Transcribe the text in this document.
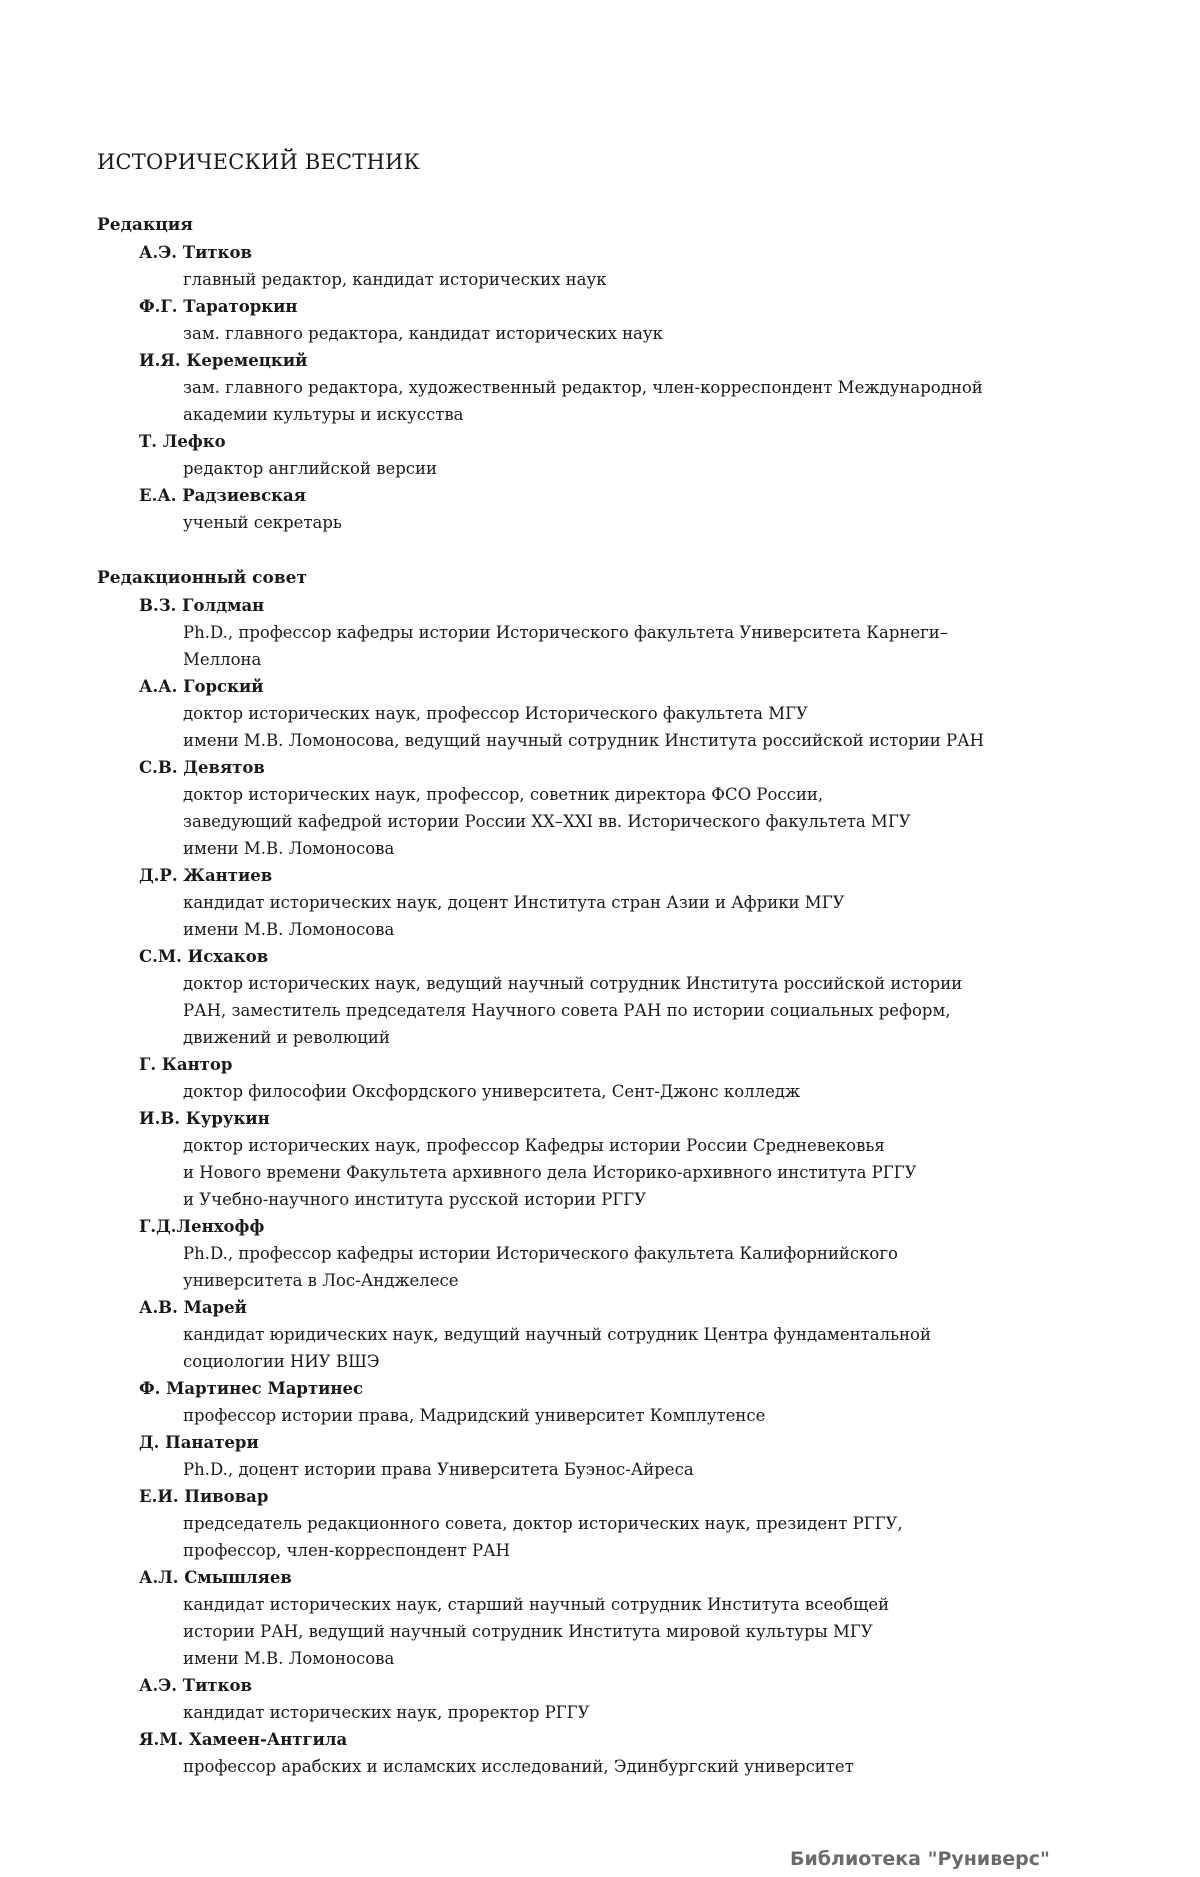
ИСТОРИЧЕСКИЙ ВЕСТНИК
Редакция
А.Э. Титков
главный редактор, кандидат исторических наук
Ф.Г. Тараторкин
зам. главного редактора, кандидат исторических наук
И.Я. Керемецкий
зам. главного редактора, художественный редактор, член-корреспондент Международной
академии культуры и искусства
Т. Лефко
редактор английской версии
Е.А. Радзиевская
ученый секретарь
Редакционный совет
В.З. Голдман
Ph.D., профессор кафедры истории Исторического факультета Университета Карнеги–
Меллона
А.А. Горский
доктор исторических наук, профессор Исторического факультета МГУ
имени М.В. Ломоносова, ведущий научный сотрудник Института российской истории РАН
С.В. Девятов
доктор исторических наук, профессор, советник директора ФСО России,
заведующий кафедрой истории России XX–XXI вв. Исторического факультета МГУ
имени М.В. Ломоносова
Д.Р. Жантиев
кандидат исторических наук, доцент Института стран Азии и Африки МГУ
имени М.В. Ломоносова
С.М. Исхаков
доктор исторических наук, ведущий научный сотрудник Института российской истории
РАН, заместитель председателя Научного совета РАН по истории социальных реформ,
движений и революций
Г. Кантор
доктор философии Оксфордского университета, Сент-Джонс колледж
И.В. Курукин
доктор исторических наук, профессор Кафедры истории России Средневековья
и Нового времени Факультета архивного дела Историко-архивного института РГГУ
и Учебно-научного института русской истории РГГУ
Г.Д.Ленхофф
Ph.D., профессор кафедры истории Исторического факультета Калифорнийского
университета в Лос-Анджелесе
А.В. Марей
кандидат юридических наук, ведущий научный сотрудник Центра фундаментальной
социологии НИУ ВШЭ
Ф. Мартинес Мартинес
профессор истории права, Мадридский университет Комплутенсе
Д. Панатери
Ph.D., доцент истории права Университета Буэнос-Айреса
Е.И. Пивовар
председатель редакционного совета, доктор исторических наук, президент РГГУ,
профессор, член-корреспондент РАН
А.Л. Смышляев
кандидат исторических наук, старший научный сотрудник Института всеобщей
истории РАН, ведущий научный сотрудник Института мировой культуры МГУ
имени М.В. Ломоносова
А.Э. Титков
кандидат исторических наук, проректор РГГУ
Я.М. Хамеен-Антгила
профессор арабских и исламских исследований, Эдинбургский университет
Библиотека "Руниверс"
